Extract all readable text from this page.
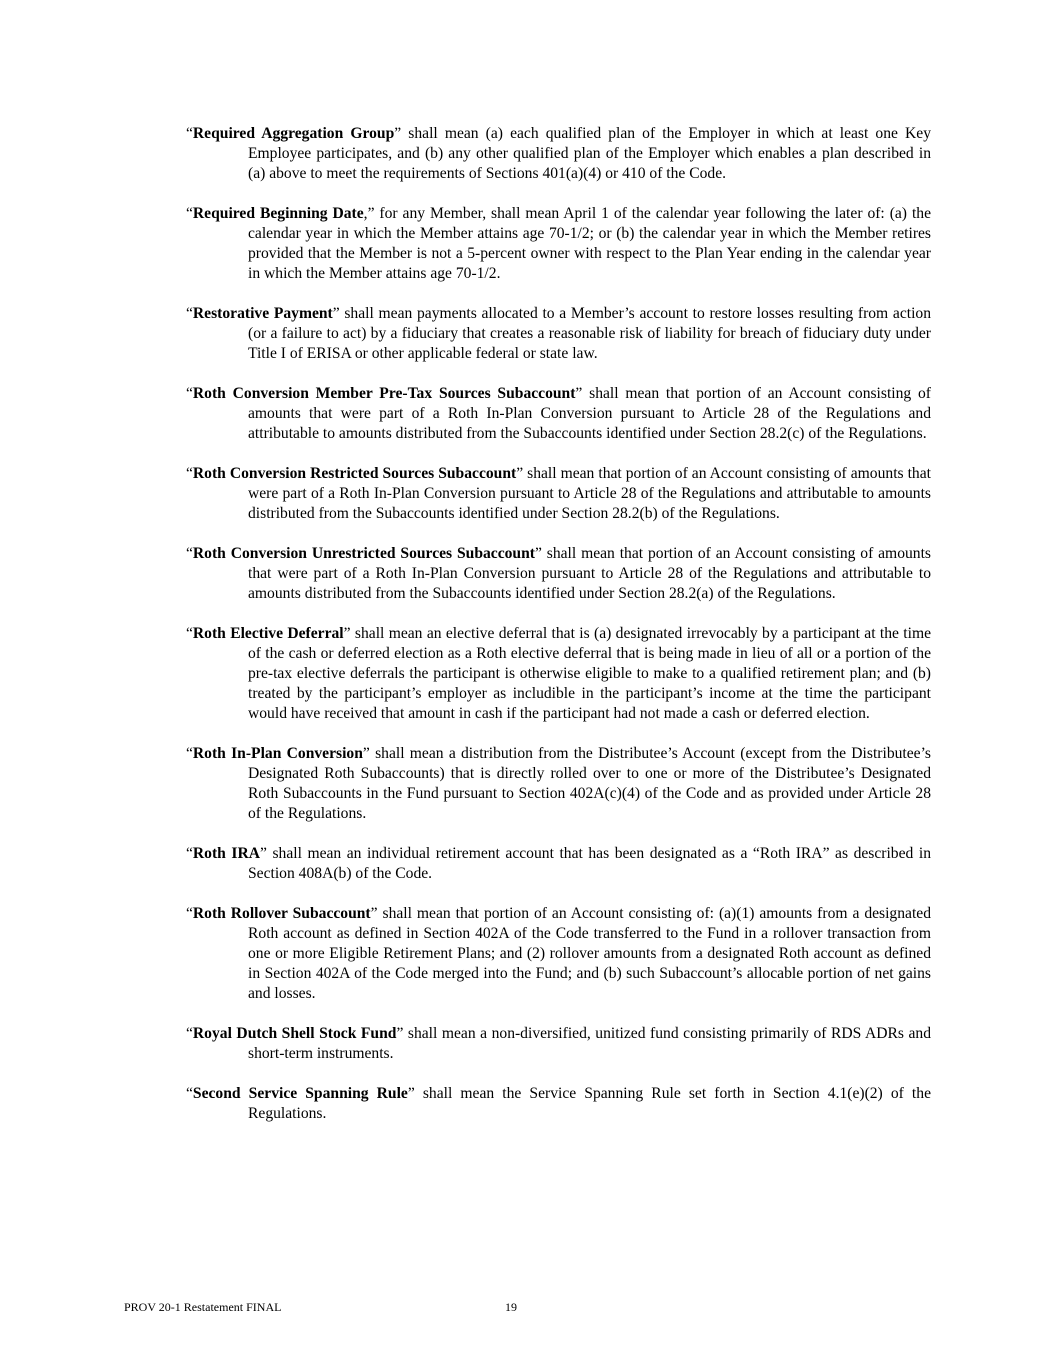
“Required Aggregation Group” shall mean (a) each qualified plan of the Employer in which at least one Key Employee participates, and (b) any other qualified plan of the Employer which enables a plan described in (a) above to meet the requirements of Sections 401(a)(4) or 410 of the Code.

“Required Beginning Date,” for any Member, shall mean April 1 of the calendar year following the later of: (a) the calendar year in which the Member attains age 70-1/2; or (b) the calendar year in which the Member retires provided that the Member is not a 5-percent owner with respect to the Plan Year ending in the calendar year in which the Member attains age 70-1/2.

“Restorative Payment” shall mean payments allocated to a Member’s account to restore losses resulting from action (or a failure to act) by a fiduciary that creates a reasonable risk of liability for breach of fiduciary duty under Title I of ERISA or other applicable federal or state law.

“Roth Conversion Member Pre-Tax Sources Subaccount” shall mean that portion of an Account consisting of amounts that were part of a Roth In-Plan Conversion pursuant to Article 28 of the Regulations and attributable to amounts distributed from the Subaccounts identified under Section 28.2(c) of the Regulations.

“Roth Conversion Restricted Sources Subaccount” shall mean that portion of an Account consisting of amounts that were part of a Roth In-Plan Conversion pursuant to Article 28 of the Regulations and attributable to amounts distributed from the Subaccounts identified under Section 28.2(b) of the Regulations.

“Roth Conversion Unrestricted Sources Subaccount” shall mean that portion of an Account consisting of amounts that were part of a Roth In-Plan Conversion pursuant to Article 28 of the Regulations and attributable to amounts distributed from the Subaccounts identified under Section 28.2(a) of the Regulations.

“Roth Elective Deferral” shall mean an elective deferral that is (a) designated irrevocably by a participant at the time of the cash or deferred election as a Roth elective deferral that is being made in lieu of all or a portion of the pre-tax elective deferrals the participant is otherwise eligible to make to a qualified retirement plan; and (b) treated by the participant’s employer as includible in the participant’s income at the time the participant would have received that amount in cash if the participant had not made a cash or deferred election.

“Roth In-Plan Conversion” shall mean a distribution from the Distributee’s Account (except from the Distributee’s Designated Roth Subaccounts) that is directly rolled over to one or more of the Distributee’s Designated Roth Subaccounts in the Fund pursuant to Section 402A(c)(4) of the Code and as provided under Article 28 of the Regulations.

“Roth IRA” shall mean an individual retirement account that has been designated as a “Roth IRA” as described in Section 408A(b) of the Code.

“Roth Rollover Subaccount” shall mean that portion of an Account consisting of: (a)(1) amounts from a designated Roth account as defined in Section 402A of the Code transferred to the Fund in a rollover transaction from one or more Eligible Retirement Plans; and (2) rollover amounts from a designated Roth account as defined in Section 402A of the Code merged into the Fund; and (b) such Subaccount’s allocable portion of net gains and losses.

“Royal Dutch Shell Stock Fund” shall mean a non-diversified, unitized fund consisting primarily of RDS ADRs and short-term instruments.

“Second Service Spanning Rule” shall mean the Service Spanning Rule set forth in Section 4.1(e)(2) of the Regulations.

PROV 20-1 Restatement FINAL	19
